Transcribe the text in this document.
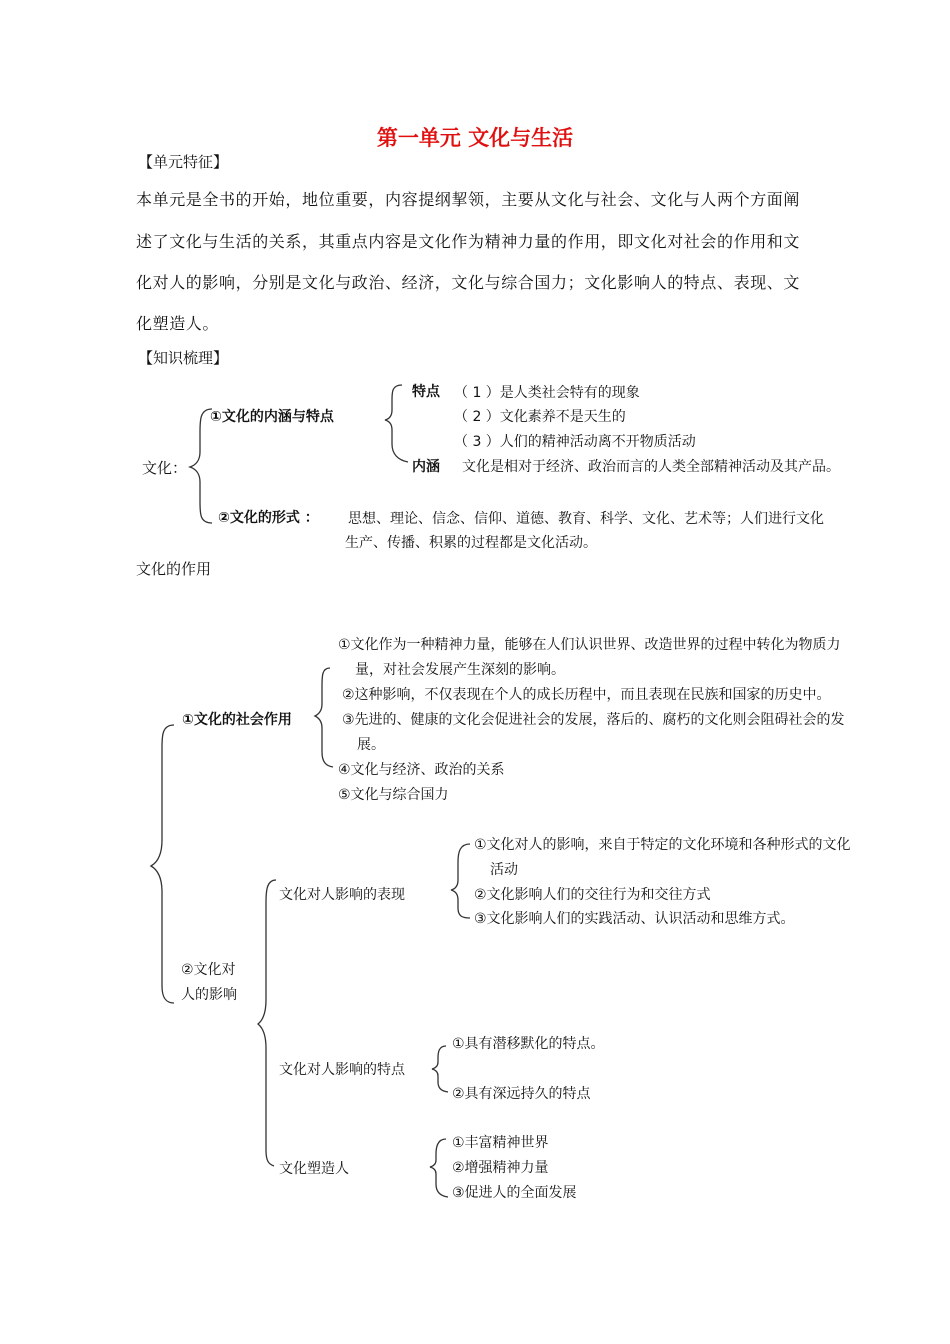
第一单元 文化与生活
【单元特征】
本单元是全书的开始，地位重要，内容提纲挈领，主要从文化与社会、文化与人两个方面阐
述了文化与生活的关系，其重点内容是文化作为精神力量的作用，即文化对社会的作用和文
化对人的影响，分别是文化与政治、经济，文化与综合国力；文化影响人的特点、表现、文
化塑造人。
【知识梳理】
文化：
①文化的内涵与特点
特点 （ 1 ）是人类社会特有的现象
（ 2 ）文化素养不是天生的
（ 3 ）人们的精神活动离不开物质活动
内涵 文化是相对于经济、政治而言的人类全部精神活动及其产品。
②文化的形式 ： 思想、理论、信念、信仰、道德、教育、科学、文化、艺术等；人们进行文化
生产、传播、积累的过程都是文化活动。
文化的作用
①文化的社会作用
①文化作为一种精神力量，能够在人们认识世界、改造世界的过程中转化为物质力
量，对社会发展产生深刻的影响。
②这种影响，不仅表现在个人的成长历程中，而且表现在民族和国家的历史中。
③先进的、健康的文化会促进社会的发展，落后的、腐朽的文化则会阻碍社会的发
展。
④文化与经济、政治的关系
⑤文化与综合国力
②文化对
人的影响
文化对人影响的表现
①文化对人的影响，来自于特定的文化环境和各种形式的文化
活动
②文化影响人们的交往行为和交往方式
③文化影响人们的实践活动、认识活动和思维方式。
文化对人影响的特点
①具有潜移默化的特点。
②具有深远持久的特点
文化塑造人
①丰富精神世界
②增强精神力量
③促进人的全面发展
